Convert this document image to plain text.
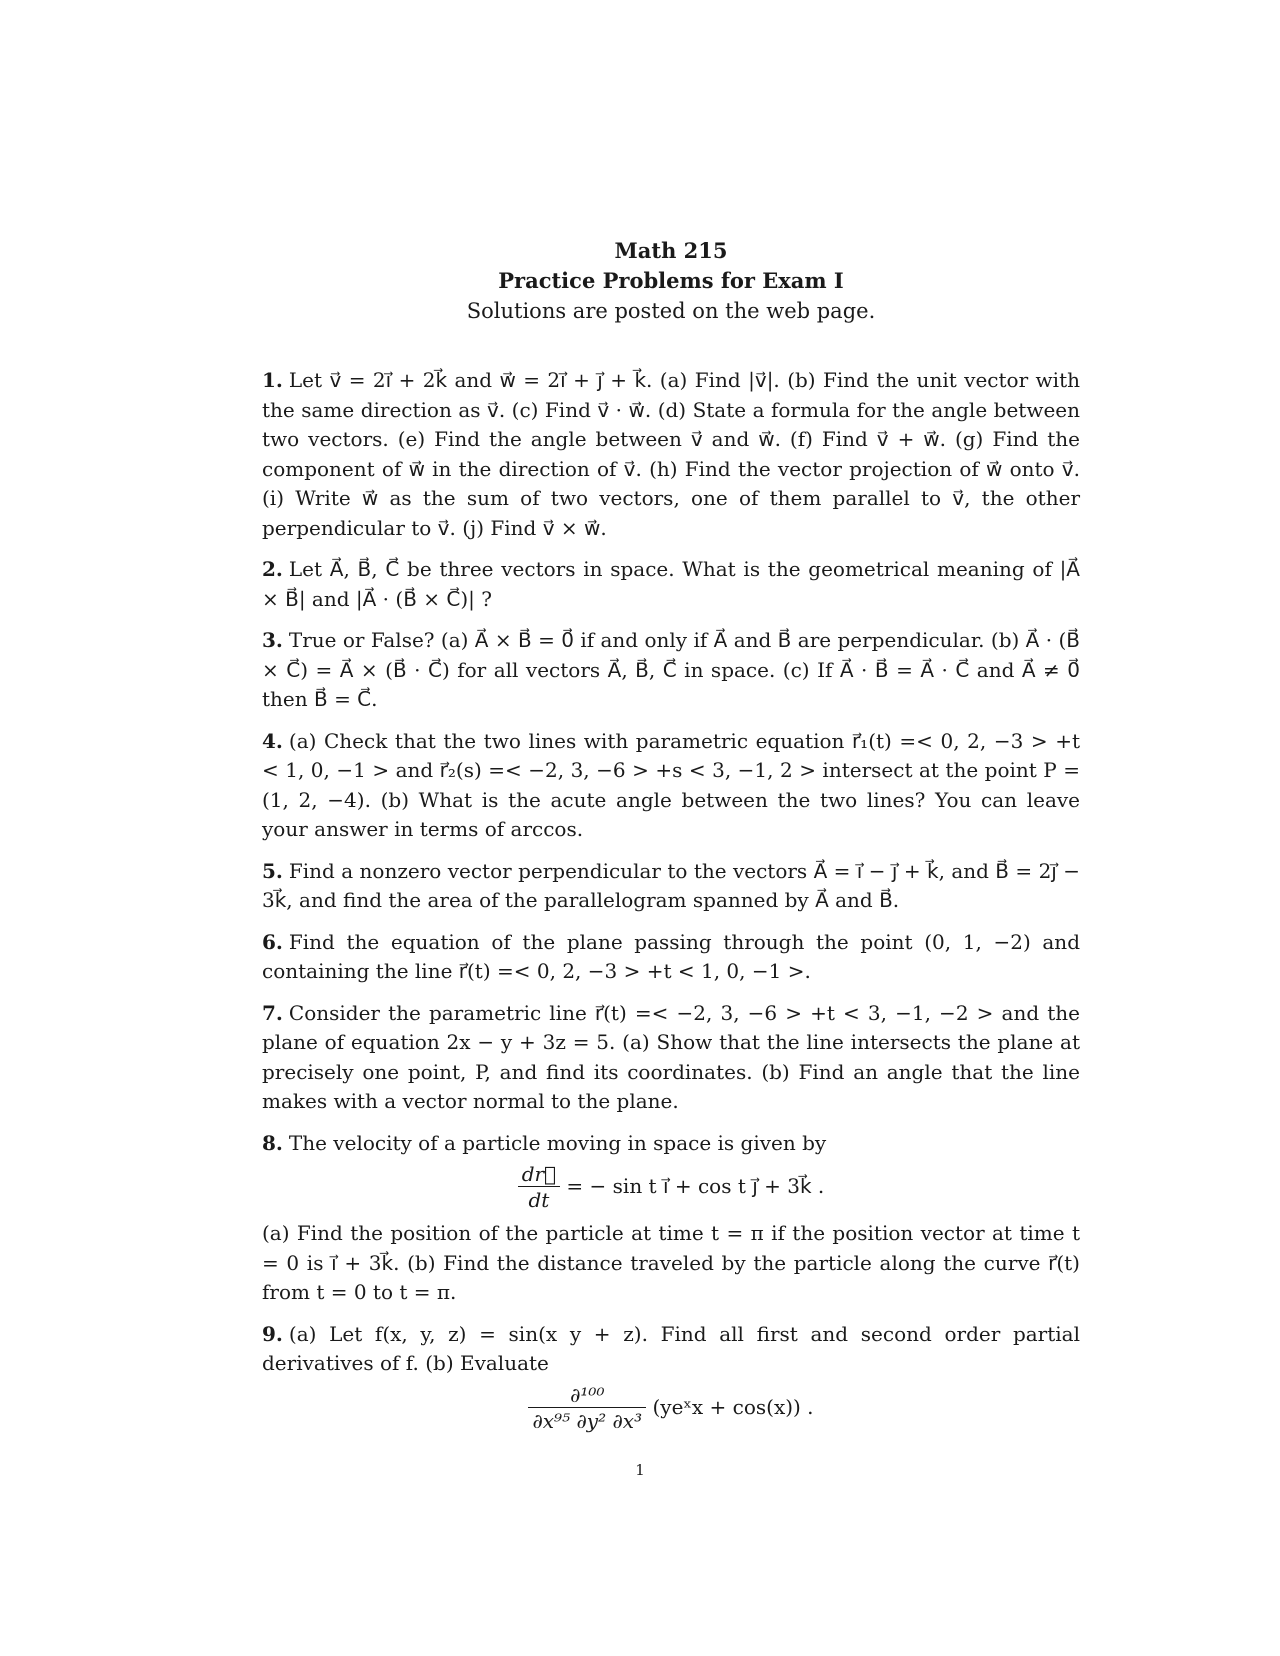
Math 215
Practice Problems for Exam I
Solutions are posted on the web page.
1. Let v⃗ = 2i⃗ + 2k⃗ and w⃗ = 2i⃗ + j⃗ + k⃗. (a) Find |v⃗|. (b) Find the unit vector with the same direction as v⃗. (c) Find v⃗ · w⃗. (d) State a formula for the angle between two vectors. (e) Find the angle between v⃗ and w⃗. (f) Find v⃗ + w⃗. (g) Find the component of w⃗ in the direction of v⃗. (h) Find the vector projection of w⃗ onto v⃗. (i) Write w⃗ as the sum of two vectors, one of them parallel to v⃗, the other perpendicular to v⃗. (j) Find v⃗ × w⃗.
2. Let A⃗, B⃗, C⃗ be three vectors in space. What is the geometrical meaning of |A⃗ × B⃗| and |A⃗ · (B⃗ × C⃗)| ?
3. True or False? (a) A⃗ × B⃗ = 0⃗ if and only if A⃗ and B⃗ are perpendicular. (b) A⃗ · (B⃗ × C⃗) = A⃗ × (B⃗ · C⃗) for all vectors A⃗, B⃗, C⃗ in space. (c) If A⃗ · B⃗ = A⃗ · C⃗ and A⃗ ≠ 0⃗ then B⃗ = C⃗.
4. (a) Check that the two lines with parametric equation r⃗₁(t) =< 0, 2, −3 > +t < 1, 0, −1 > and r⃗₂(s) =< −2, 3, −6 > +s < 3, −1, 2 > intersect at the point P = (1, 2, −4). (b) What is the acute angle between the two lines? You can leave your answer in terms of arccos.
5. Find a nonzero vector perpendicular to the vectors A⃗ = i⃗ − j⃗ + k⃗, and B⃗ = 2j⃗ − 3k⃗, and find the area of the parallelogram spanned by A⃗ and B⃗.
6. Find the equation of the plane passing through the point (0, 1, −2) and containing the line r⃗(t) =< 0, 2, −3 > +t < 1, 0, −1 >.
7. Consider the parametric line r⃗(t) =< −2, 3, −6 > +t < 3, −1, −2 > and the plane of equation 2x − y + 3z = 5. (a) Show that the line intersects the plane at precisely one point, P, and find its coordinates. (b) Find an angle that the line makes with a vector normal to the plane.
8. The velocity of a particle moving in space is given by
$\frac{dr⃗}{dt}$ = − sin t i⃗ + cos t j⃗ + 3k⃗ .
(a) Find the position of the particle at time t = π if the position vector at time t = 0 is i⃗ + 3k⃗. (b) Find the distance traveled by the particle along the curve r⃗(t) from t = 0 to t = π.
9. (a) Let f(x, y, z) = sin(x y + z). Find all first and second order partial derivatives of f. (b) Evaluate
$\frac{\text{∂¹⁰⁰}}{\text{∂x⁹⁵ ∂y² ∂x³}}$ (yeˣx + cos(x)) .
1
